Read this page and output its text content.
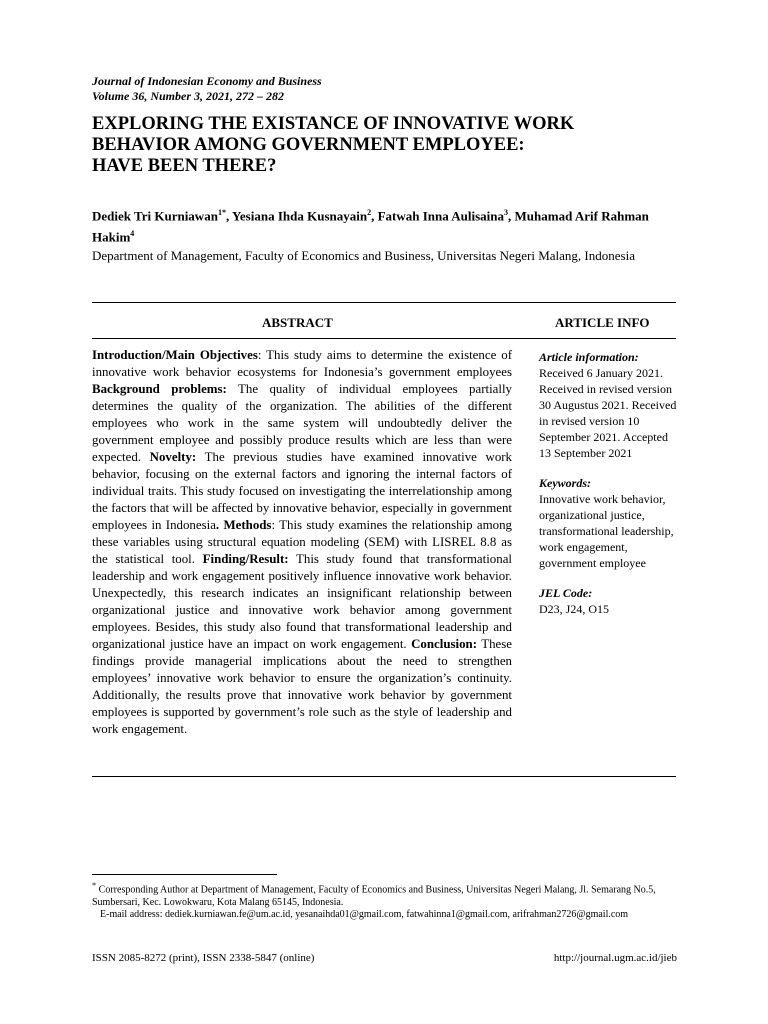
Journal of Indonesian Economy and Business
Volume 36, Number 3, 2021, 272 – 282
EXPLORING THE EXISTANCE OF INNOVATIVE WORK
BEHAVIOR AMONG GOVERNMENT EMPLOYEE:
HAVE BEEN THERE?
Dediek Tri Kurniawan$^{1*}$, Yesiana Ihda Kusnayain$^2$, Fatwah Inna Aulisaina$^3$, Muhamad Arif Rahman Hakim$^4$
Department of Management, Faculty of Economics and Business, Universitas Negeri Malang, Indonesia
ABSTRACT	ARTICLE INFO
Introduction/Main Objectives: This study aims to determine the existence of innovative work behavior ecosystems for Indonesia’s government employees Background problems: The quality of individual employees partially determines the quality of the organization. The abilities of the different employees who work in the same system will undoubtedly deliver the government employee and possibly produce results which are less than were expected. Novelty: The previous studies have examined innovative work behavior, focusing on the external factors and ignoring the internal factors of individual traits. This study focused on investigating the interrelationship among the factors that will be affected by innovative behavior, especially in government employees in Indonesia. Methods: This study examines the relationship among these variables using structural equation modeling (SEM) with LISREL 8.8 as the statistical tool. Finding/Result: This study found that transformational leadership and work engagement positively influence innovative work behavior. Unexpectedly, this research indicates an insignificant relationship between organizational justice and innovative work behavior among government employees. Besides, this study also found that transformational leadership and organizational justice have an impact on work engagement. Conclusion: These findings provide managerial implications about the need to strengthen employees’ innovative work behavior to ensure the organization’s continuity. Additionally, the results prove that innovative work behavior by government employees is supported by government’s role such as the style of leadership and work engagement.

Article information:
Received 6 January 2021. Received in revised version 30 Augustus 2021. Received in revised version 10 September 2021. Accepted 13 September 2021

Keywords:
Innovative work behavior, organizational justice, transformational leadership, work engagement, government employee

JEL Code:
D23, J24, O15

* Corresponding Author at Department of Management, Faculty of Economics and Business, Universitas Negeri Malang, Jl. Semarang No.5, Sumbersari, Kec. Lowokwaru, Kota Malang 65145, Indonesia.
E-mail address: dediek.kurniawan.fe@um.ac.id, yesanaihda01@gmail.com, fatwahinna1@gmail.com, arifrahman2726@gmail.com
ISSN 2085-8272 (print), ISSN 2338-5847 (online)	http://journal.ugm.ac.id/jieb
